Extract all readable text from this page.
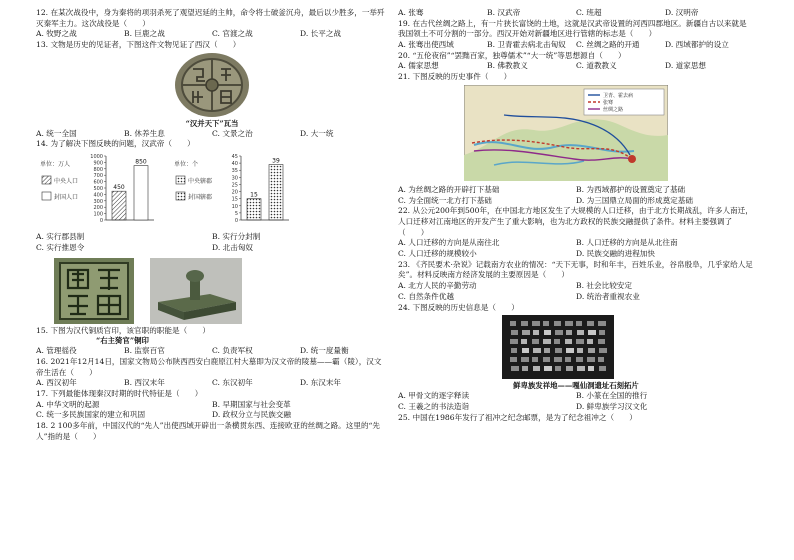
12. 在某次战役中，身为秦将的项羽杀死了观望迟延的主帅，命令将士破釜沉舟，最后以少胜多，一举歼灭秦军主力。这次战役是（　　）

A. 牧野之战	B. 巨鹿之战	C. 官渡之战	D. 长平之战

13. 文物是历史的见证者，下图这件文物见证了西汉（　　）

“汉并天下”瓦当
A. 统一全国	B. 休养生息	C. 文景之治	D. 大一统

14. 为了解决下图反映的问题，汉武帝（　　）

单位：万人
中央人口
封国人口
0
100
200
300
400
500
600
700
800
900
1000
450
850	单位：个
中央辖郡
封国辖郡
0
5
10
15
20
25
30
35
40
45
15
39
A. 实行郡县制	B. 实行分封制
C. 实行推恩令	D. 北击匈奴

15. 下图为汉代铜质官印，该官职的职能是（　　）

“右主猗官”铜印
A. 管理徭役	B. 监察百官	C. 负责军权	D. 统一度量衡

16. 2021年12月14日，国家文物局公布陕西西安白鹿原江村大墓即为汉文帝的陵墓——霸（陵），汉文帝生活在（　　）

A. 西汉初年	B. 西汉末年	C. 东汉初年	D. 东汉末年

17. 下列最能体现秦汉时期的时代特征是（　　）

A. 中华文明的起源	B. 早期国家与社会变革
C. 统一多民族国家的建立和巩固	D. 政权分立与民族交融

18. 2 100多年前，中国汉代的“先人”出使西域开辟出一条横贯东西、连接欧亚的丝绸之路。这里的“先人”指的是（　　）

A. 张骞	B. 汉武帝	C. 班超	D. 汉明帝

19. 在古代丝绸之路上，有一片狭长富饶的土地，这就是汉武帝设置的河西四郡地区。新疆自古以来就是我国领土不可分割的一部分。西汉开始对新疆地区进行管辖的标志是（　　）

A. 张骞出使西域	B. 卫青霍去病北击匈奴	C. 丝绸之路的开通	D. 西域都护的设立

20. “五伦夜宿”“罢黜百家，独尊儒术”“大一统”等思想源自（　　）

A. 儒家思想	B. 佛教教义	C. 道教教义	D. 道家思想

21. 下图反映的历史事件（　　）

卫青、霍去病
张骞
丝绸之路
A. 为丝绸之路的开辟打下基础	B. 为西域都护的设置奠定了基础
C. 为全面统一北方打下基础	D. 为三国鼎立局面的形成奠定基础

22. 从公元200年到500年，在中国北方地区发生了大规模的人口迁移，由于北方长期战乱，许多人南迁，人口迁移对江南地区的开发产生了重大影响，也为北方政权的民族交融提供了条件。材料主要强调了（　　）

A. 人口迁移的方向是从南往北	B. 人口迁移的方向是从北往南
C. 人口迁移的规模较小	D. 民族交融的进程加快

23. 《齐民要术·杂说》记载南方农业的情况：“天下无事，时和年丰，百姓乐业，谷帛殷阜，几乎家给人足矣”。材料反映南方经济发展的主要原因是（　　）

A. 北方人民的辛勤劳动	B. 社会比较安定
C. 自然条件优越	D. 统治者重视农业

24. 下图反映的历史信息是（　　）

鲜卑族发祥地——嘎仙洞遗址石刻拓片
A. 甲骨文的逐字释读	B. 小篆在全国的推行
C. 王羲之的书法造诣	D. 鲜卑族学习汉文化

25. 中国在1986年发行了祖冲之纪念邮票，是为了纪念祖冲之（　　）
